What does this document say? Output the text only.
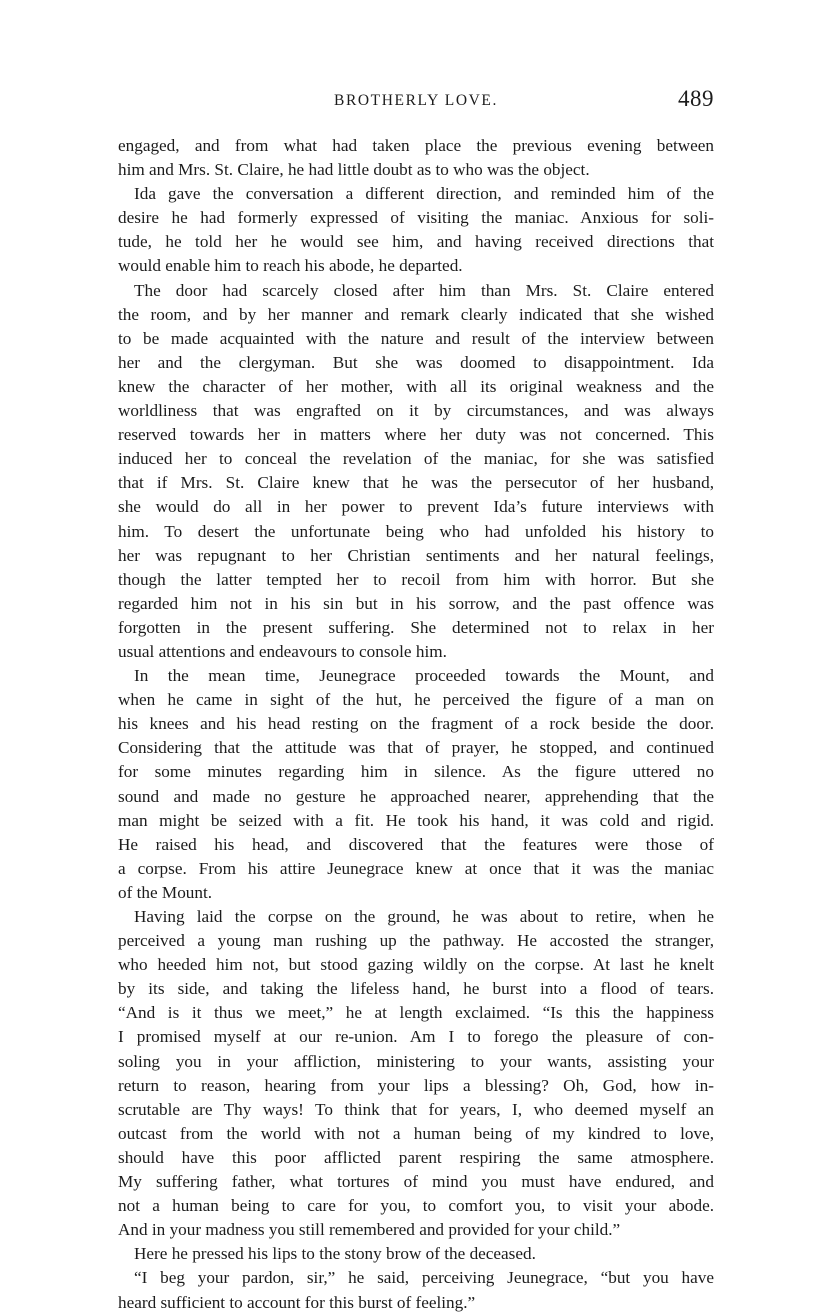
BROTHERLY LOVE.	489
engaged, and from what had taken place the previous evening between
him and Mrs. St. Claire, he had little doubt as to who was the object.
Ida gave the conversation a different direction, and reminded him of the
desire he had formerly expressed of visiting the maniac. Anxious for soli-
tude, he told her he would see him, and having received directions that
would enable him to reach his abode, he departed.
The door had scarcely closed after him than Mrs. St. Claire entered
the room, and by her manner and remark clearly indicated that she wished
to be made acquainted with the nature and result of the interview between
her and the clergyman. But she was doomed to disappointment. Ida
knew the character of her mother, with all its original weakness and the
worldliness that was engrafted on it by circumstances, and was always
reserved towards her in matters where her duty was not concerned. This
induced her to conceal the revelation of the maniac, for she was satisfied
that if Mrs. St. Claire knew that he was the persecutor of her husband,
she would do all in her power to prevent Ida’s future interviews with
him. To desert the unfortunate being who had unfolded his history to
her was repugnant to her Christian sentiments and her natural feelings,
though the latter tempted her to recoil from him with horror. But she
regarded him not in his sin but in his sorrow, and the past offence was
forgotten in the present suffering. She determined not to relax in her
usual attentions and endeavours to console him.
In the mean time, Jeunegrace proceeded towards the Mount, and
when he came in sight of the hut, he perceived the figure of a man on
his knees and his head resting on the fragment of a rock beside the door.
Considering that the attitude was that of prayer, he stopped, and continued
for some minutes regarding him in silence. As the figure uttered no
sound and made no gesture he approached nearer, apprehending that the
man might be seized with a fit. He took his hand, it was cold and rigid.
He raised his head, and discovered that the features were those of
a corpse. From his attire Jeunegrace knew at once that it was the maniac
of the Mount.
Having laid the corpse on the ground, he was about to retire, when he
perceived a young man rushing up the pathway. He accosted the stranger,
who heeded him not, but stood gazing wildly on the corpse. At last he knelt
by its side, and taking the lifeless hand, he burst into a flood of tears.
“And is it thus we meet,” he at length exclaimed. “Is this the happiness
I promised myself at our re-union. Am I to forego the pleasure of con-
soling you in your affliction, ministering to your wants, assisting your
return to reason, hearing from your lips a blessing? Oh, God, how in-
scrutable are Thy ways! To think that for years, I, who deemed myself an
outcast from the world with not a human being of my kindred to love,
should have this poor afflicted parent respiring the same atmosphere.
My suffering father, what tortures of mind you must have endured, and
not a human being to care for you, to comfort you, to visit your abode.
And in your madness you still remembered and provided for your child.”
Here he pressed his lips to the stony brow of the deceased.
“I beg your pardon, sir,” he said, perceiving Jeunegrace, “but you have
heard sufficient to account for this burst of feeling.”
